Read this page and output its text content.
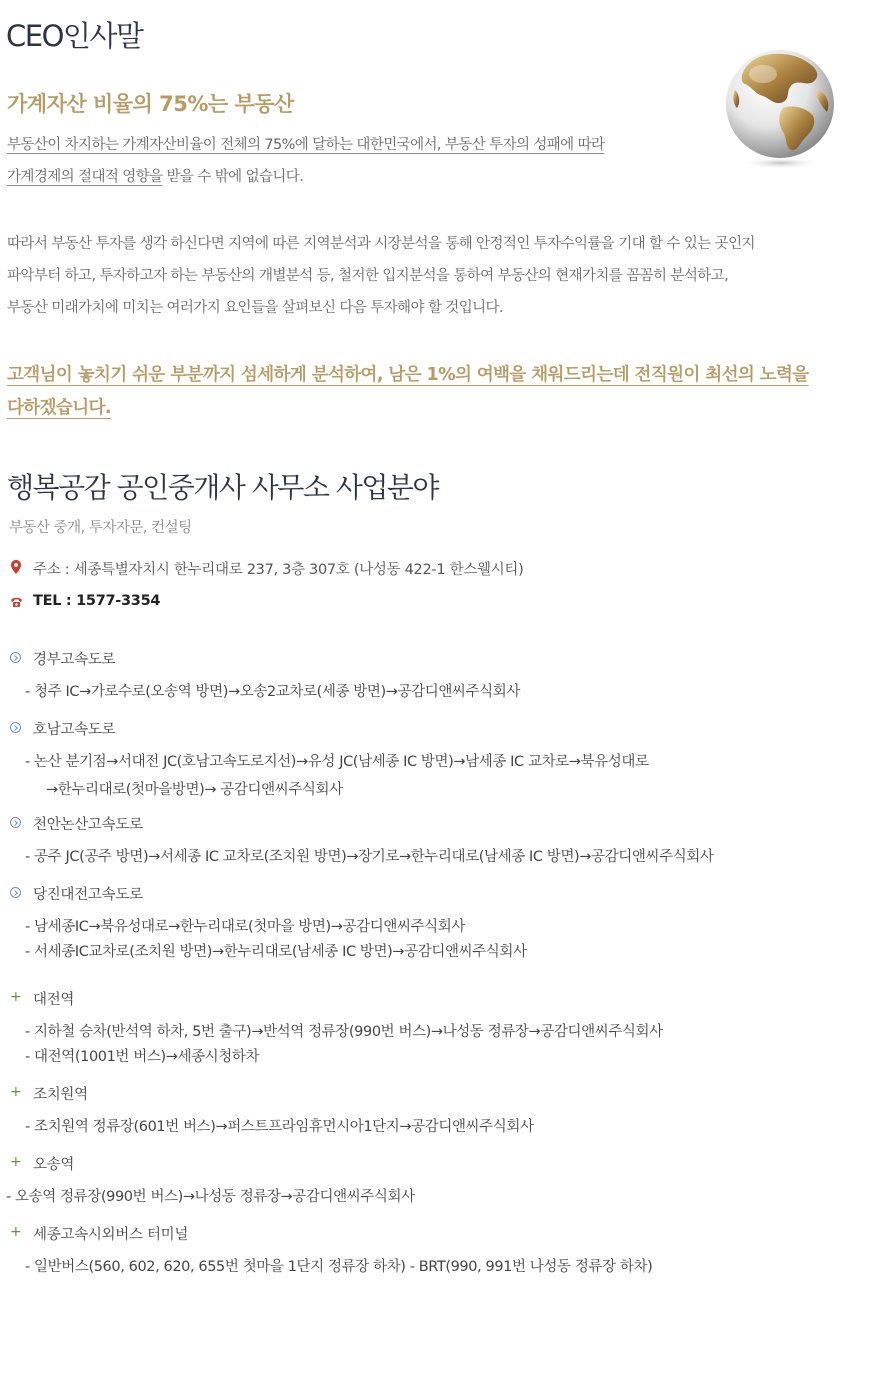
CEO인사말
가계자산 비율의 75%는 부동산
부동산이 차지하는 가계자산비율이 전체의 75%에 달하는 대한민국에서, 부동산 투자의 성패에 따라
가계경제의 절대적 영향을 받을 수 밖에 없습니다.
따라서 부동산 투자를 생각 하신다면 지역에 따른 지역분석과 시장분석을 통해 안정적인 투자수익률을 기대 할 수 있는 곳인지
파악부터 하고, 투자하고자 하는 부동산의 개별분석 등, 철저한 입지분석을 통하여 부동산의 현재가치를 꼼꼼히 분석하고,
부동산 미래가치에 미치는 여러가지 요인들을 살펴보신 다음 투자해야 할 것입니다.
고객님이 놓치기 쉬운 부분까지 섬세하게 분석하여, 남은 1%의 여백을 채워드리는데 전직원이 최선의 노력을
다하겠습니다.
행복공감 공인중개사 사무소 사업분야
부동산 중개, 투자자문, 컨설팅
주소 : 세종특별자치시 한누리대로 237, 3층 307호 (나성동 422-1 한스웰시티)
TEL : 1577-3354
경부고속도로
- 청주 IC→가로수로(오송역 방면)→오송2교차로(세종 방면)→공감디앤씨주식회사
호남고속도로
- 논산 분기점→서대전 JC(호남고속도로지선)→유성 JC(남세종 IC 방면)→남세종 IC 교차로→북유성대로
→한누리대로(첫마을방면)→ 공감디앤씨주식회사
천안논산고속도로
- 공주 JC(공주 방면)→서세종 IC 교차로(조치원 방면)→장기로→한누리대로(남세종 IC 방면)→공감디앤씨주식회사
당진대전고속도로
- 남세종IC→북유성대로→한누리대로(첫마을 방면)→공감디앤씨주식회사
- 서세종IC교차로(조치원 방면)→한누리대로(남세종 IC 방면)→공감디앤씨주식회사
+ 대전역
- 지하철 승차(반석역 하차, 5번 출구)→반석역 정류장(990번 버스)→나성동 정류장→공감디앤씨주식회사
- 대전역(1001번 버스)→세종시청하차
+ 조치원역
- 조치원역 정류장(601번 버스)→퍼스트프라임휴먼시아1단지→공감디앤씨주식회사
+ 오송역
- 오송역 정류장(990번 버스)→나성동 정류장→공감디앤씨주식회사
+ 세종고속시외버스 터미널
- 일반버스(560, 602, 620, 655번 첫마을 1단지 정류장 하차) - BRT(990, 991번 나성동 정류장 하차)
